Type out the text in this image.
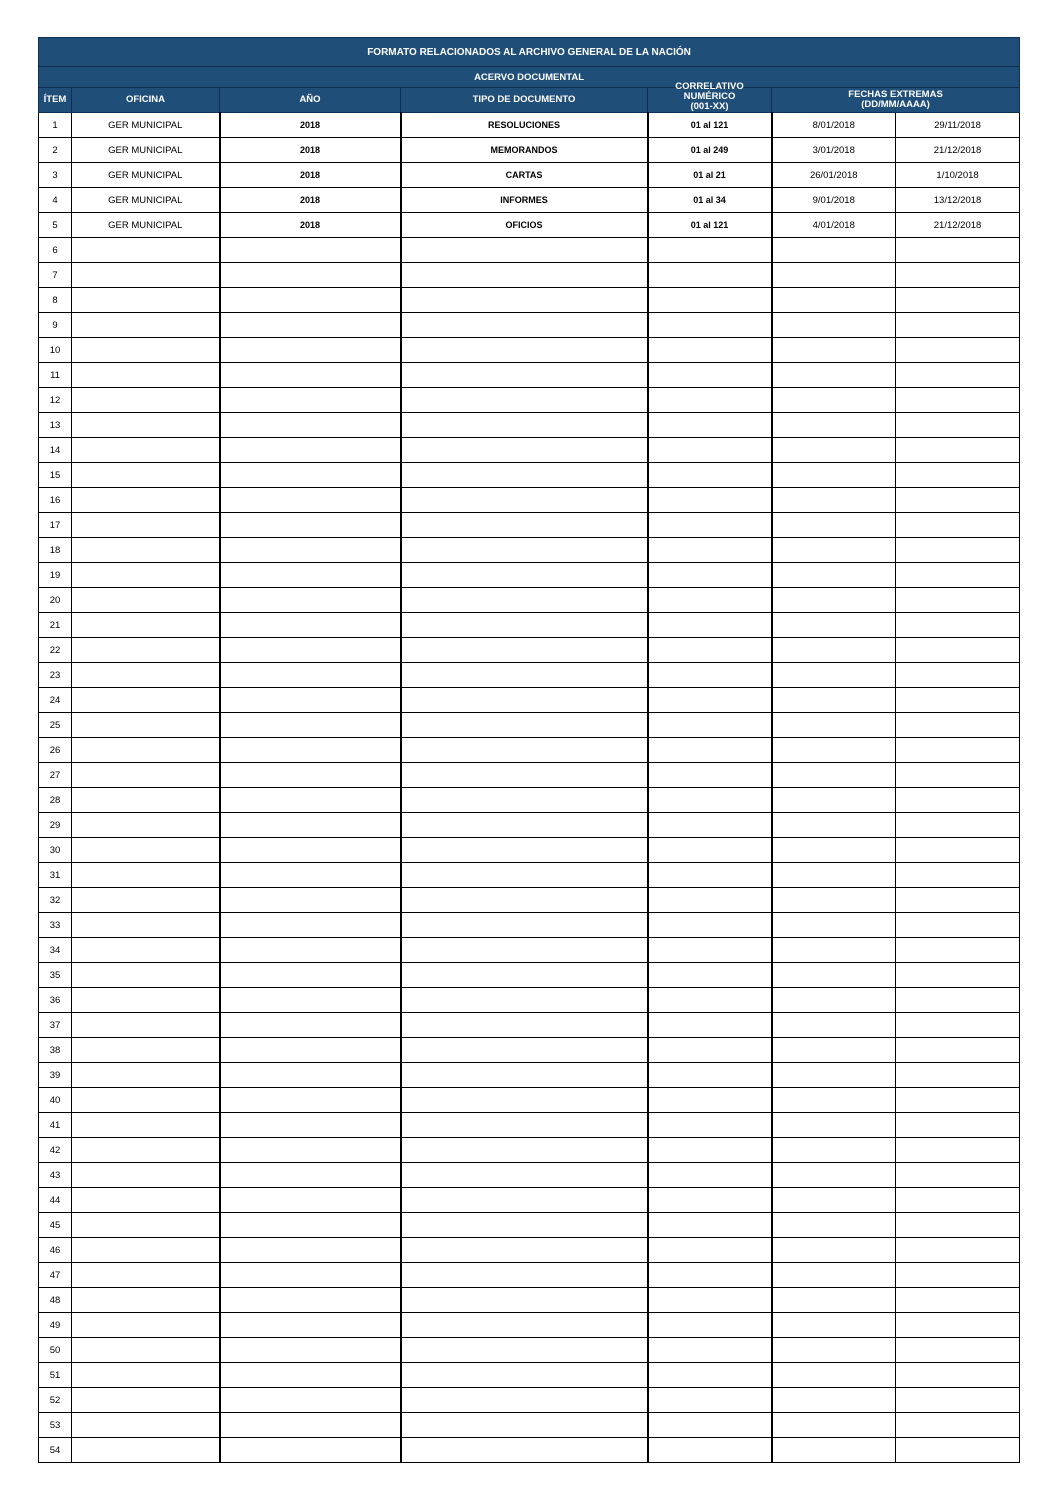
FORMATO RELACIONADOS AL ARCHIVO GENERAL DE LA NACIÓN						
ACERVO DOCUMENTAL						
ÍTEM	OFICINA	AÑO	TIPO DE DOCUMENTO	CORRELATIVO
NUMÉRICO
(001-XX)	FECHAS EXTREMAS
(DD/MM/AAAA)	
1	GER MUNICIPAL	2018	RESOLUCIONES	01 al 121	8/01/2018	29/11/2018
2	GER MUNICIPAL	2018	MEMORANDOS	01 al 249	3/01/2018	21/12/2018
3	GER MUNICIPAL	2018	CARTAS	01 al 21	26/01/2018	1/10/2018
4	GER MUNICIPAL	2018	INFORMES	01 al 34	9/01/2018	13/12/2018
5	GER MUNICIPAL	2018	OFICIOS	01 al 121	4/01/2018	21/12/2018
6						
7						
8						
9						
10						
11						
12						
13						
14						
15						
16						
17						
18						
19						
20						
21						
22						
23						
24						
25						
26						
27						
28						
29						
30						
31						
32						
33						
34						
35						
36						
37						
38						
39						
40						
41						
42						
43						
44						
45						
46						
47						
48						
49						
50						
51						
52						
53						
54						
